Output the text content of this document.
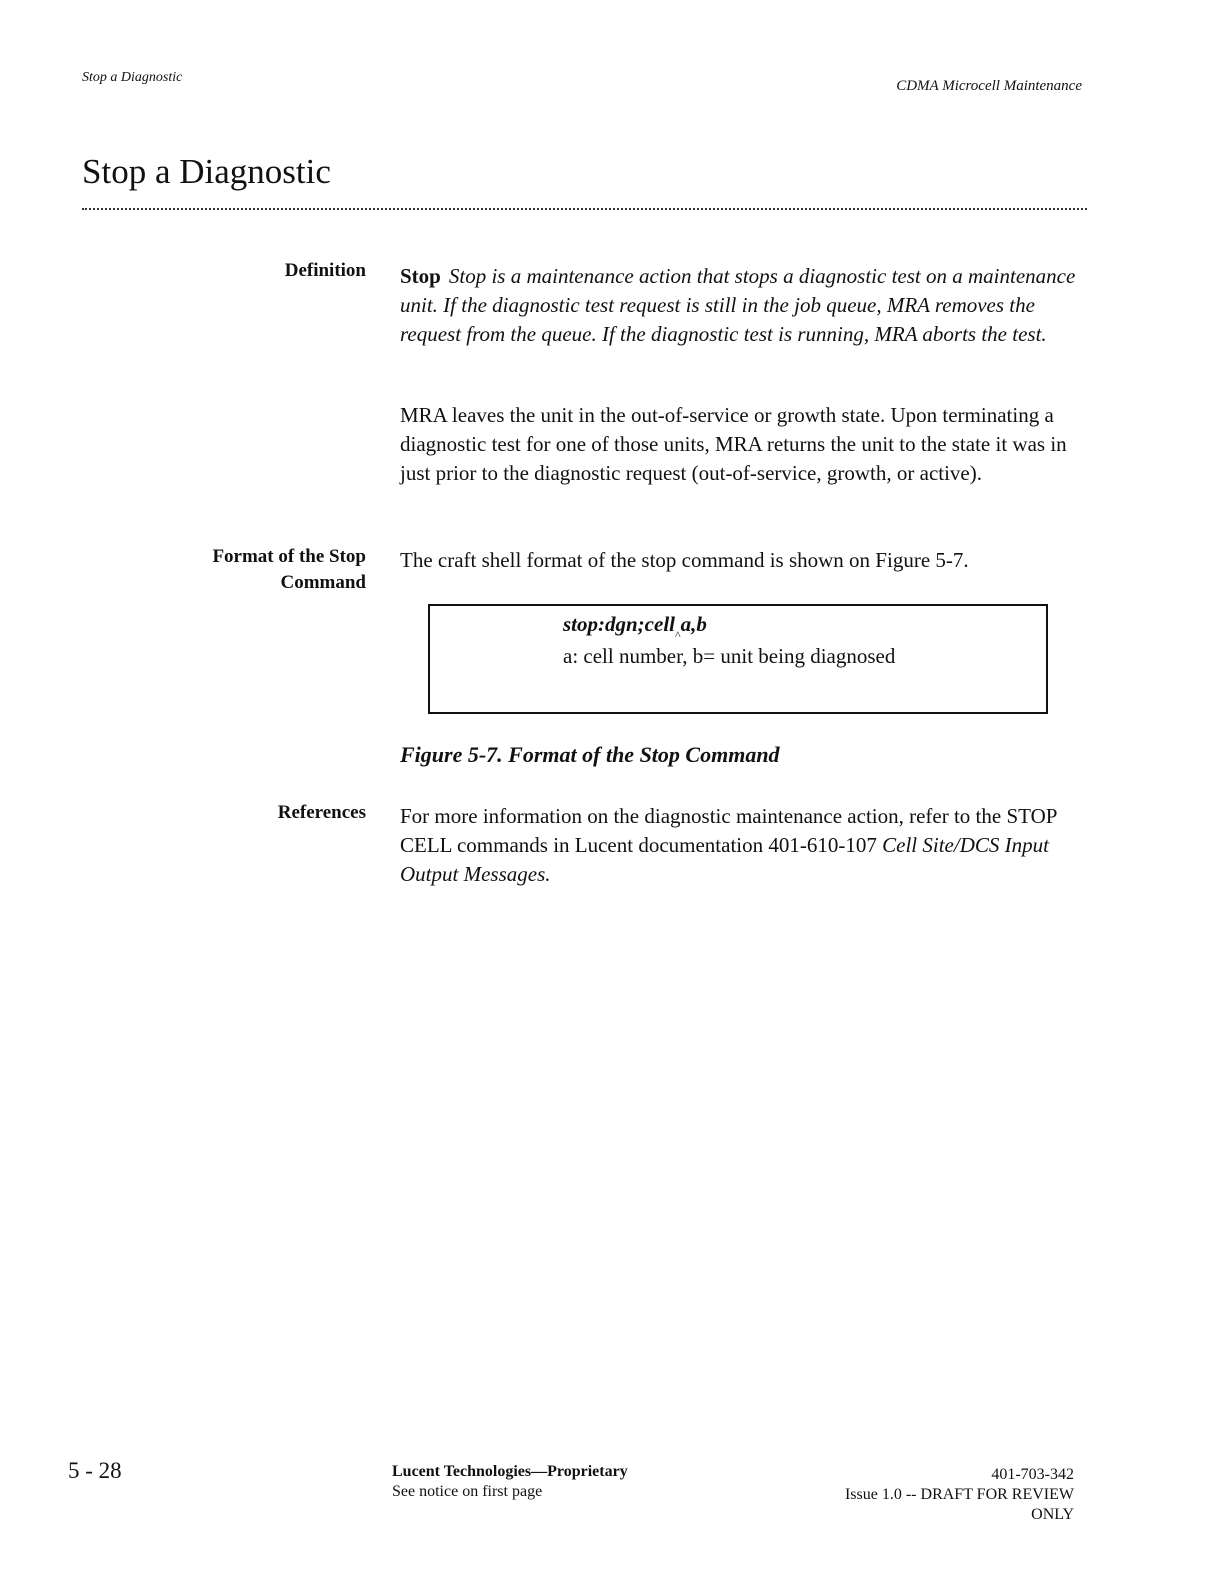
Stop a Diagnostic
CDMA Microcell Maintenance
Stop a Diagnostic
Definition Stop Stop is a maintenance action that stops a diagnostic test on a maintenance unit. If the diagnostic test request is still in the job queue, MRA removes the request from the queue. If the diagnostic test is running, MRA aborts the test.
MRA leaves the unit in the out-of-service or growth state. Upon terminating a diagnostic test for one of those units, MRA returns the unit to the state it was in just prior to the diagnostic request (out-of-service, growth, or active).
Format of the Stop
Command
The craft shell format of the stop command is shown on Figure 5-7.
stop:dgn;cell$_{\^{}}$a,b
a: cell number, b= unit being diagnosed
Figure 5-7. Format of the Stop Command
References For more information on the diagnostic maintenance action, refer to the STOP CELL commands in Lucent documentation 401-610-107 Cell Site/DCS Input Output Messages.
5 - 28	Lucent Technologies—Proprietary
See notice on first page
401-703-342
Issue 1.0 -- DRAFT FOR REVIEW
ONLY
